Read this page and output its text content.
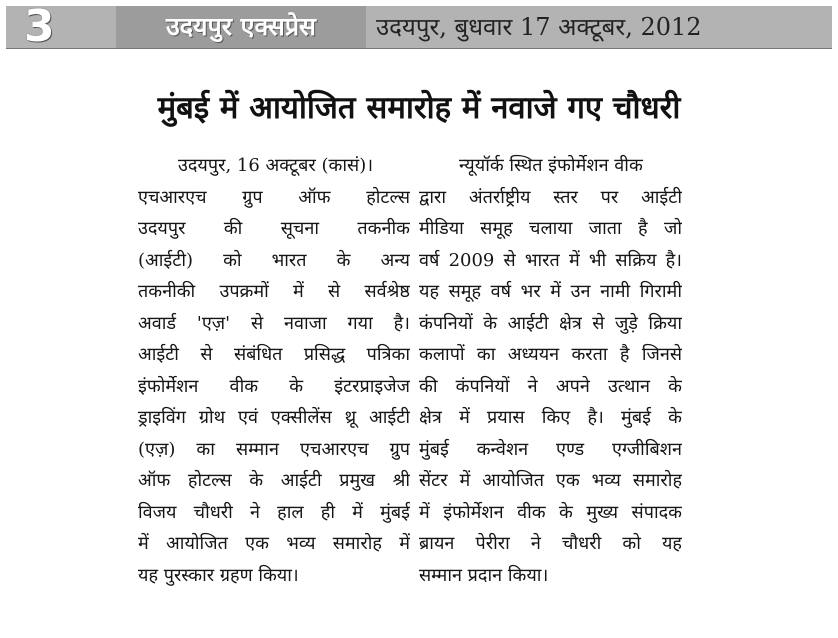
3	उदयपुर एक्सप्रेस	उदयपुर, बुधवार 17 अक्टूबर, 2012
मुंबई में आयोजित समारोह में नवाजे गए चौधरी
उदयपुर, 16 अक्टूबर (कासं)।
एचआरएच ग्रुप ऑफ होटल्स
उदयपुर की सूचना तकनीक
(आईटी) को भारत के अन्य
तकनीकी उपक्रमों में से सर्वश्रेष्ठ
अवार्ड 'एज़' से नवाजा गया है।
आईटी से संबंधित प्रसिद्ध पत्रिका
इंफोर्मेशन वीक के इंटरप्राइजेज
ड्राइविंग ग्रोथ एवं एक्सीलेंस थ्रू आईटी
(एज़) का सम्मान एचआरएच ग्रुप
ऑफ होटल्स के आईटी प्रमुख श्री
विजय चौधरी ने हाल ही में मुंबई
में आयोजित एक भव्य समारोह में
यह पुरस्कार ग्रहण किया।
न्यूयॉर्क स्थित इंफोर्मेशन वीक
द्वारा अंतर्राष्ट्रीय स्तर पर आईटी
मीडिया समूह चलाया जाता है जो
वर्ष 2009 से भारत में भी सक्रिय है।
यह समूह वर्ष भर में उन नामी गिरामी
कंपनियों के आईटी क्षेत्र से जुड़े क्रिया
कलापों का अध्ययन करता है जिनसे
की कंपनियों ने अपने उत्थान के
क्षेत्र में प्रयास किए है। मुंबई के
मुंबई कन्वेशन एण्ड एग्जीबिशन
सेंटर में आयोजित एक भव्य समारोह
में इंफोर्मेशन वीक के मुख्य संपादक
ब्रायन पेरीरा ने चौधरी को यह
सम्मान प्रदान किया।
